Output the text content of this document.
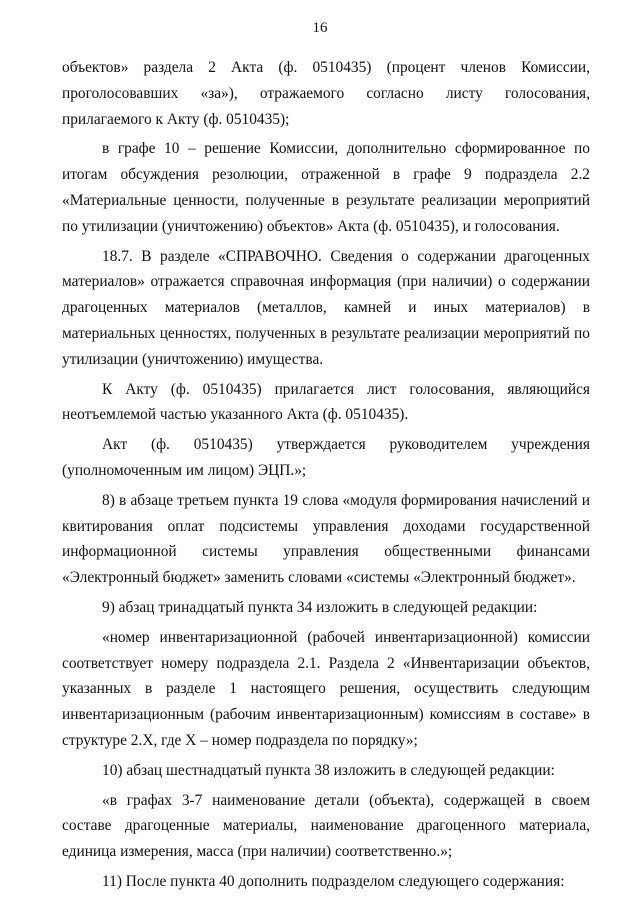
16

объектов» раздела 2 Акта (ф. 0510435) (процент членов Комиссии, проголосовавших «за»), отражаемого согласно листу голосования, прилагаемого к Акту (ф. 0510435);

в графе 10 – решение Комиссии, дополнительно сформированное по итогам обсуждения резолюции, отраженной в графе 9 подраздела 2.2 «Материальные ценности, полученные в результате реализации мероприятий по утилизации (уничтожению) объектов» Акта (ф. 0510435), и голосования.

18.7. В разделе «СПРАВОЧНО. Сведения о содержании драгоценных материалов» отражается справочная информация (при наличии) о содержании драгоценных материалов (металлов, камней и иных материалов) в материальных ценностях, полученных в результате реализации мероприятий по утилизации (уничтожению) имущества.

К Акту (ф. 0510435) прилагается лист голосования, являющийся неотъемлемой частью указанного Акта (ф. 0510435).

Акт (ф. 0510435) утверждается руководителем учреждения (уполномоченным им лицом) ЭЦП.»;

8) в абзаце третьем пункта 19 слова «модуля формирования начислений и квитирования оплат подсистемы управления доходами государственной информационной системы управления общественными финансами «Электронный бюджет» заменить словами «системы «Электронный бюджет».

9) абзац тринадцатый пункта 34 изложить в следующей редакции:

«номер инвентаризационной (рабочей инвентаризационной) комиссии соответствует номеру подраздела 2.1. Раздела 2 «Инвентаризации объектов, указанных в разделе 1 настоящего решения, осуществить следующим инвентаризационным (рабочим инвентаризационным) комиссиям в составе» в структуре 2.X, где X – номер подраздела по порядку»;

10) абзац шестнадцатый пункта 38 изложить в следующей редакции:

«в графах 3-7 наименование детали (объекта), содержащей в своем составе драгоценные материалы, наименование драгоценного материала, единица измерения, масса (при наличии) соответственно.»;

11) После пункта 40 дополнить подразделом следующего содержания:
